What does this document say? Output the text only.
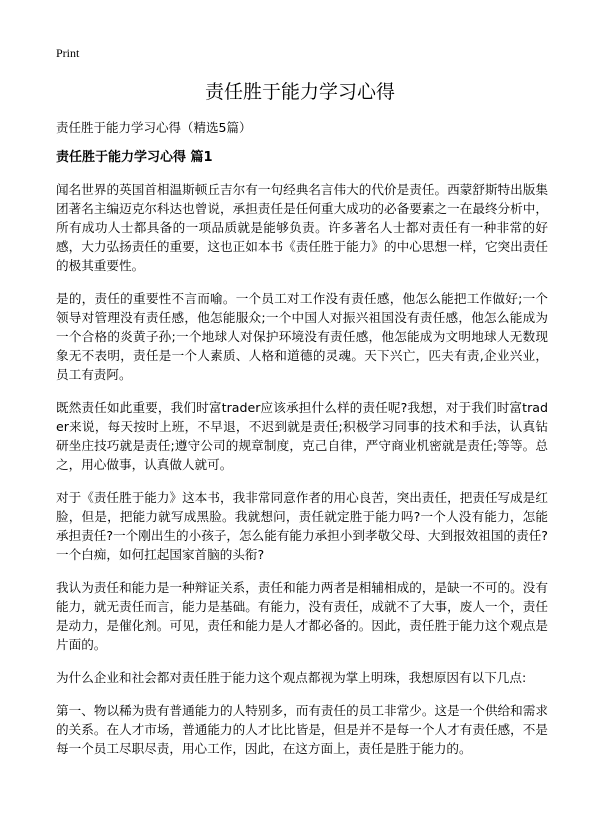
Print
责任胜于能力学习心得
责任胜于能力学习心得（精选5篇）
责任胜于能力学习心得 篇1

闻名世界的英国首相温斯顿丘吉尔有一句经典名言伟大的代价是责任。西蒙舒斯特出版集团著名主编迈克尔科达也曾说，承担责任是任何重大成功的必备要素之一在最终分析中，所有成功人士都具备的一项品质就是能够负责。许多著名人士都对责任有一种非常的好感，大力弘扬责任的重要，这也正如本书《责任胜于能力》的中心思想一样，它突出责任的极其重要性。

是的，责任的重要性不言而喻。一个员工对工作没有责任感，他怎么能把工作做好;一个领导对管理没有责任感，他怎能服众;一个中国人对振兴祖国没有责任感，他怎么能成为一个合格的炎黄子孙;一个地球人对保护环境没有责任感，他怎能成为文明地球人无数现象无不表明，责任是一个人素质、人格和道德的灵魂。天下兴亡，匹夫有责,企业兴业，员工有责阿。

既然责任如此重要，我们时富trader应该承担什么样的责任呢?我想，对于我们时富trader来说，每天按时上班，不早退，不迟到就是责任;积极学习同事的技术和手法，认真钻研坐庄技巧就是责任;遵守公司的规章制度，克己自律，严守商业机密就是责任;等等。总之，用心做事，认真做人就可。

对于《责任胜于能力》这本书，我非常同意作者的用心良苦，突出责任，把责任写成是红脸，但是，把能力就写成黑脸。我就想问，责任就定胜于能力吗?一个人没有能力，怎能承担责任?一个刚出生的小孩子，怎么能有能力承担小到孝敬父母、大到报效祖国的责任?一个白痴，如何扛起国家首脑的头衔?

我认为责任和能力是一种辩证关系，责任和能力两者是相辅相成的，是缺一不可的。没有能力，就无责任而言，能力是基础。有能力，没有责任，成就不了大事，废人一个，责任是动力，是催化剂。可见，责任和能力是人才都必备的。因此，责任胜于能力这个观点是片面的。

为什么企业和社会都对责任胜于能力这个观点都视为掌上明珠，我想原因有以下几点:

第一、物以稀为贵有普通能力的人特别多，而有责任的员工非常少。这是一个供给和需求的关系。在人才市场，普通能力的人才比比皆是，但是并不是每一个人才有责任感，不是每一个员工尽职尽责，用心工作，因此，在这方面上，责任是胜于能力的。
